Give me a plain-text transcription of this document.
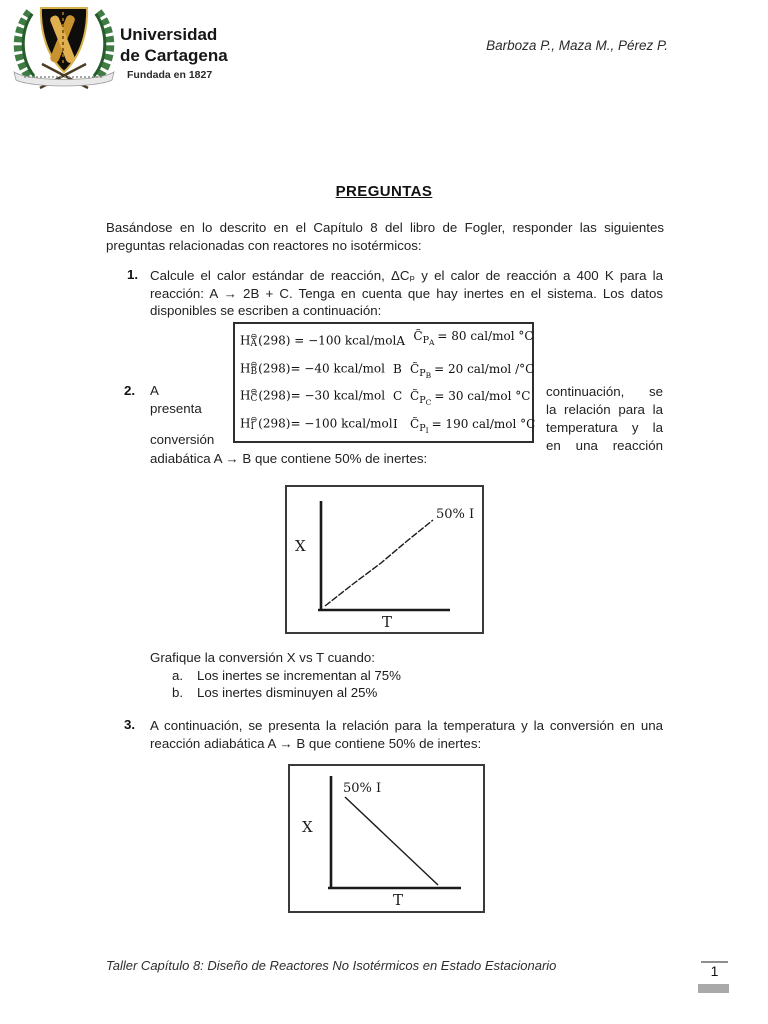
Universidad
de Cartagena
Fundada en 1827
Barboza P., Maza M., Pérez P.
PREGUNTAS
Basándose en lo descrito en el Capítulo 8 del libro de Fogler, responder las siguientes preguntas relacionadas con reactores no isotérmicos:
1. Calcule el calor estándar de reacción, ΔCₚ y el calor de reacción a 400 K para la reacción: A → 2B + C. Tenga en cuenta que hay inertes en el sistema. Los datos disponibles se escriben a continuación:
H ⊖
A (298) = −100 kcal/mol A $C̃_{PA} = 80$ cal/mol °C
H ⊖
B (298)= −40 kcal/mol B $C̃_{PB} = 20$ cal/mol /°C
H ⊖
C (298)= −30 kcal/mol C $C̃_{PC} = 30$ cal/mol °C
H ⊖
I (298)= −100 kcal/mol I	$C̃_{PI} = 190$ cal/mol °C
2. A
presenta
conversión
continuación, se
la relación para la
temperatura y la
en una reacción
adiabática A → B que contiene 50% de inertes:
50% I
X
T
Grafique la conversión X vs T cuando:
a. Los inertes se incrementan al 75%
b. Los inertes disminuyen al 25%
3. A continuación, se presenta la relación para la temperatura y la conversión en una reacción adiabática A → B que contiene 50% de inertes:
50% I
X
T
Taller Capítulo 8: Diseño de Reactores No Isotérmicos en Estado Estacionario	1
